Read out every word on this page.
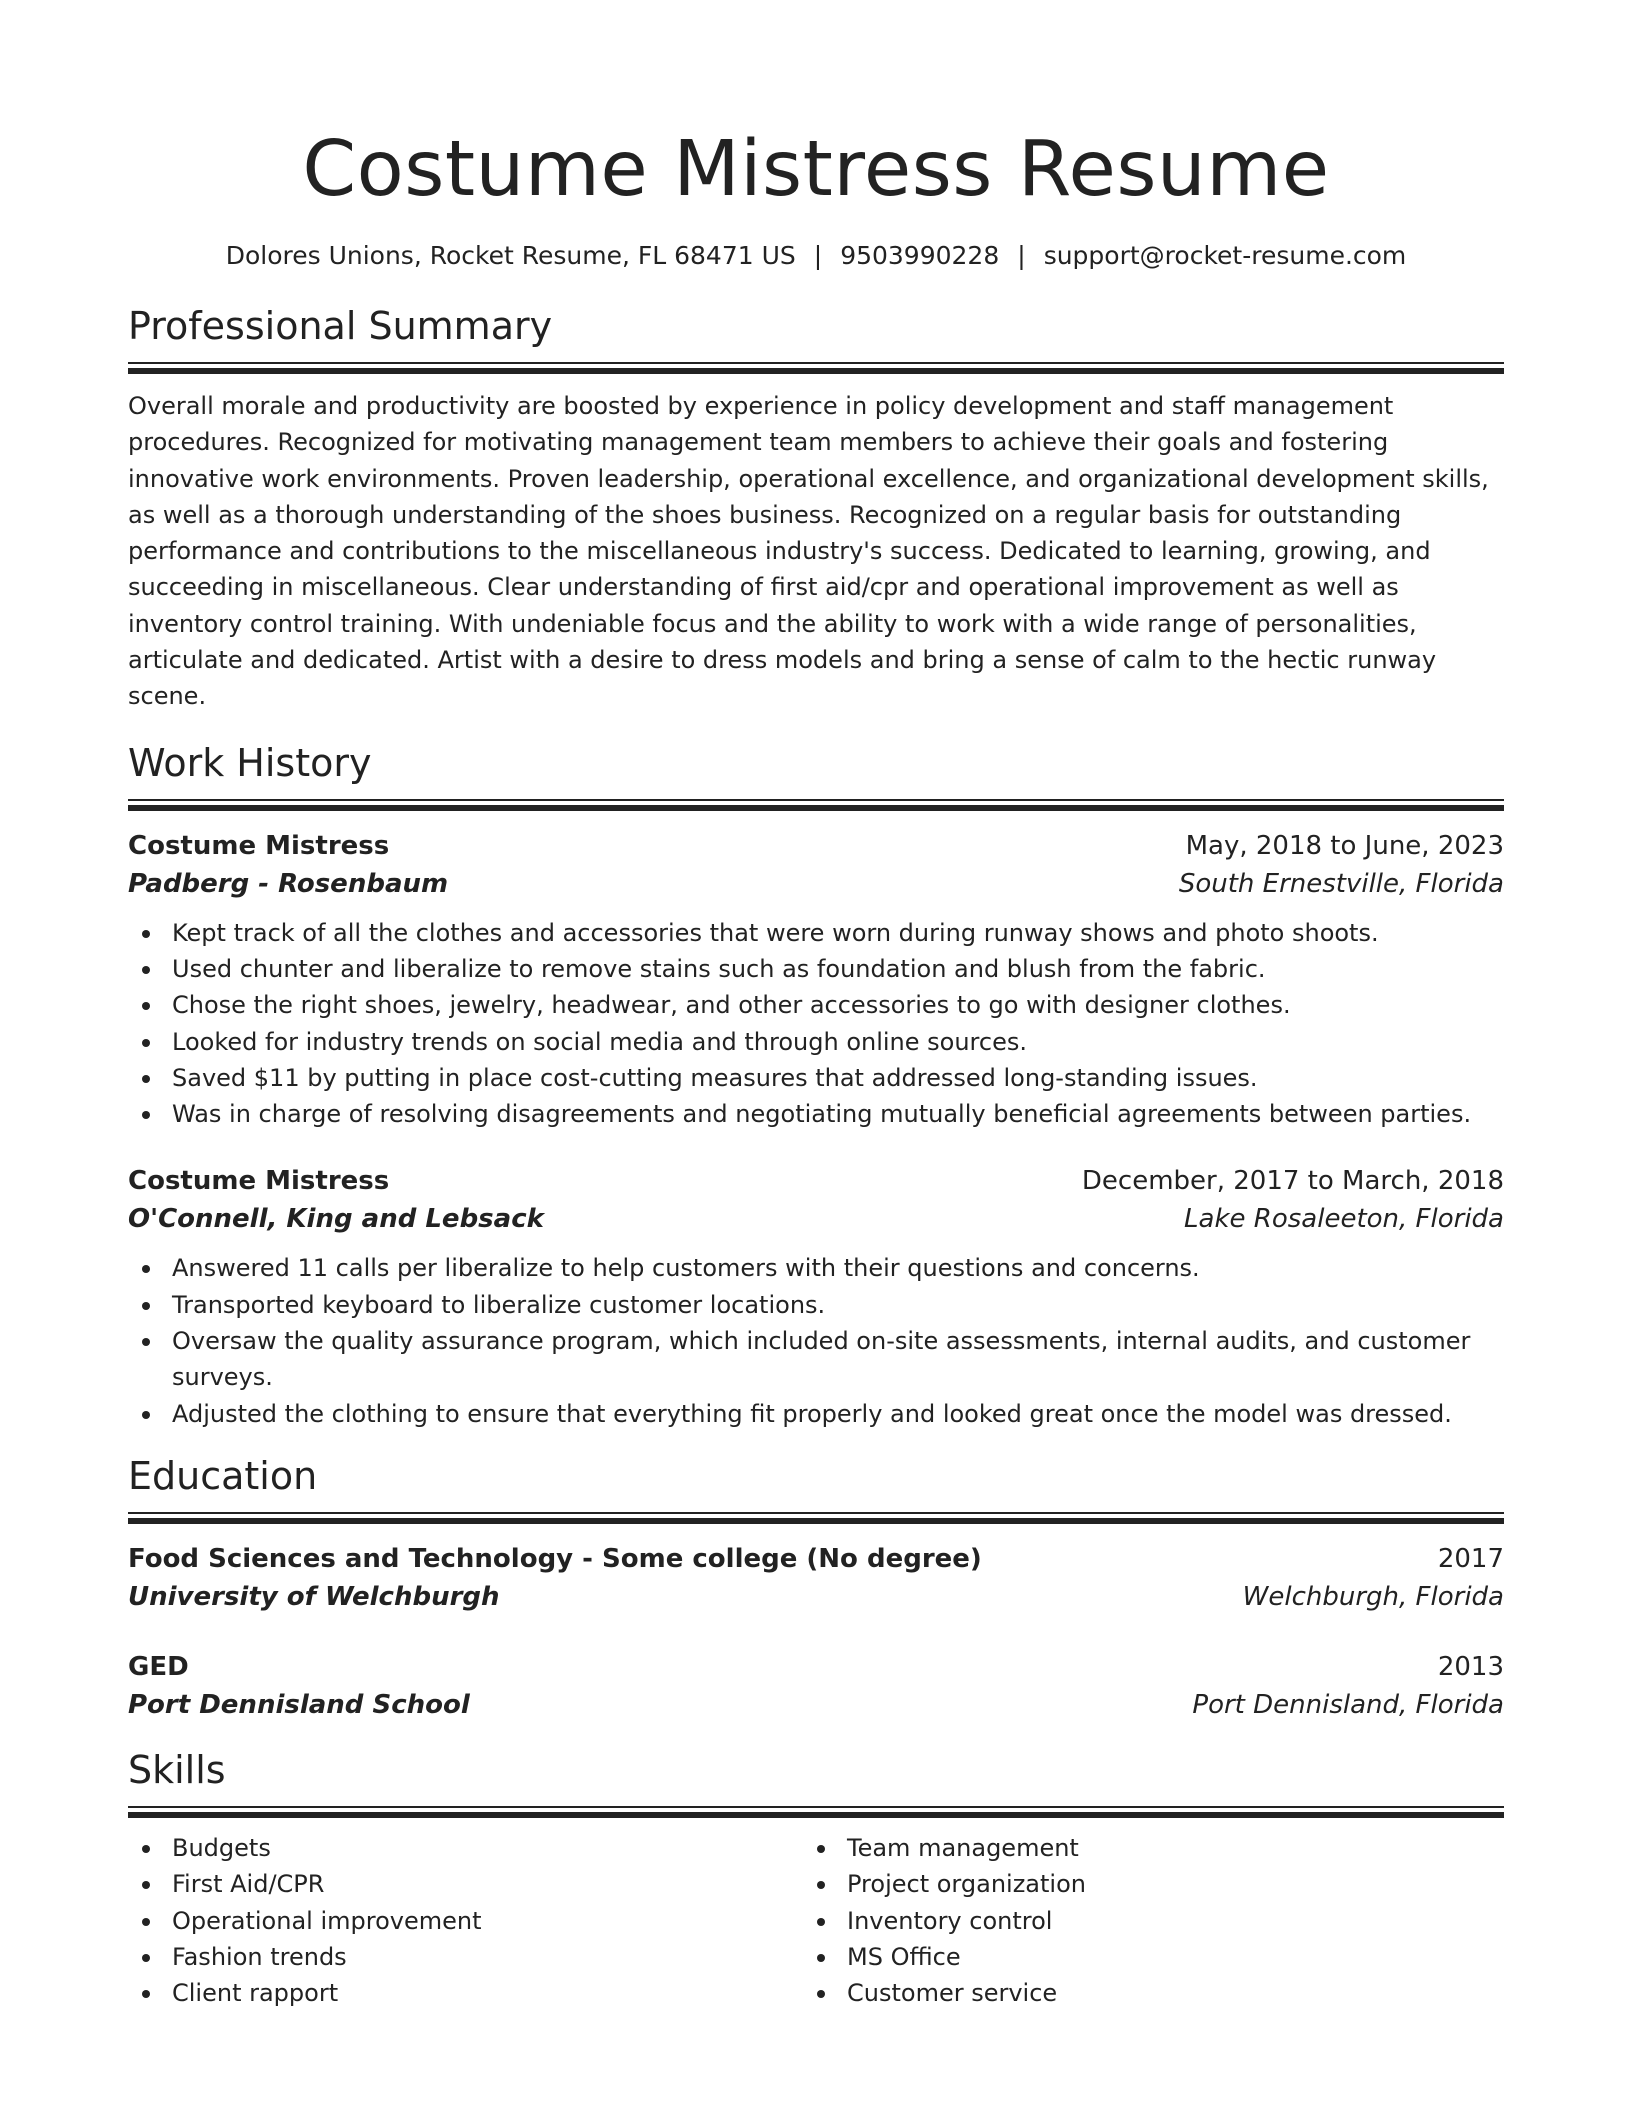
Costume Mistress Resume
Dolores Unions, Rocket Resume, FL 68471 US | 9503990228 | support@rocket-resume.com
Professional Summary
Overall morale and productivity are boosted by experience in policy development and staff management procedures. Recognized for motivating management team members to achieve their goals and fostering innovative work environments. Proven leadership, operational excellence, and organizational development skills, as well as a thorough understanding of the shoes business. Recognized on a regular basis for outstanding performance and contributions to the miscellaneous industry's success. Dedicated to learning, growing, and succeeding in miscellaneous. Clear understanding of first aid/cpr and operational improvement as well as inventory control training. With undeniable focus and the ability to work with a wide range of personalities, articulate and dedicated. Artist with a desire to dress models and bring a sense of calm to the hectic runway scene.
Work History
Costume Mistress	May, 2018 to June, 2023
Padberg - Rosenbaum	South Ernestville, Florida
Kept track of all the clothes and accessories that were worn during runway shows and photo shoots.
Used chunter and liberalize to remove stains such as foundation and blush from the fabric.
Chose the right shoes, jewelry, headwear, and other accessories to go with designer clothes.
Looked for industry trends on social media and through online sources.
Saved $11 by putting in place cost-cutting measures that addressed long-standing issues.
Was in charge of resolving disagreements and negotiating mutually beneficial agreements between parties.
Costume Mistress	December, 2017 to March, 2018
O'Connell, King and Lebsack	Lake Rosaleeton, Florida
Answered 11 calls per liberalize to help customers with their questions and concerns.
Transported keyboard to liberalize customer locations.
Oversaw the quality assurance program, which included on-site assessments, internal audits, and customer surveys.
Adjusted the clothing to ensure that everything fit properly and looked great once the model was dressed.
Education
Food Sciences and Technology - Some college (No degree)	2017
University of Welchburgh	Welchburgh, Florida
GED	2013
Port Dennisland School	Port Dennisland, Florida
Skills
Budgets
First Aid/CPR
Operational improvement
Fashion trends
Client rapport
Team management
Project organization
Inventory control
MS Office
Customer service
